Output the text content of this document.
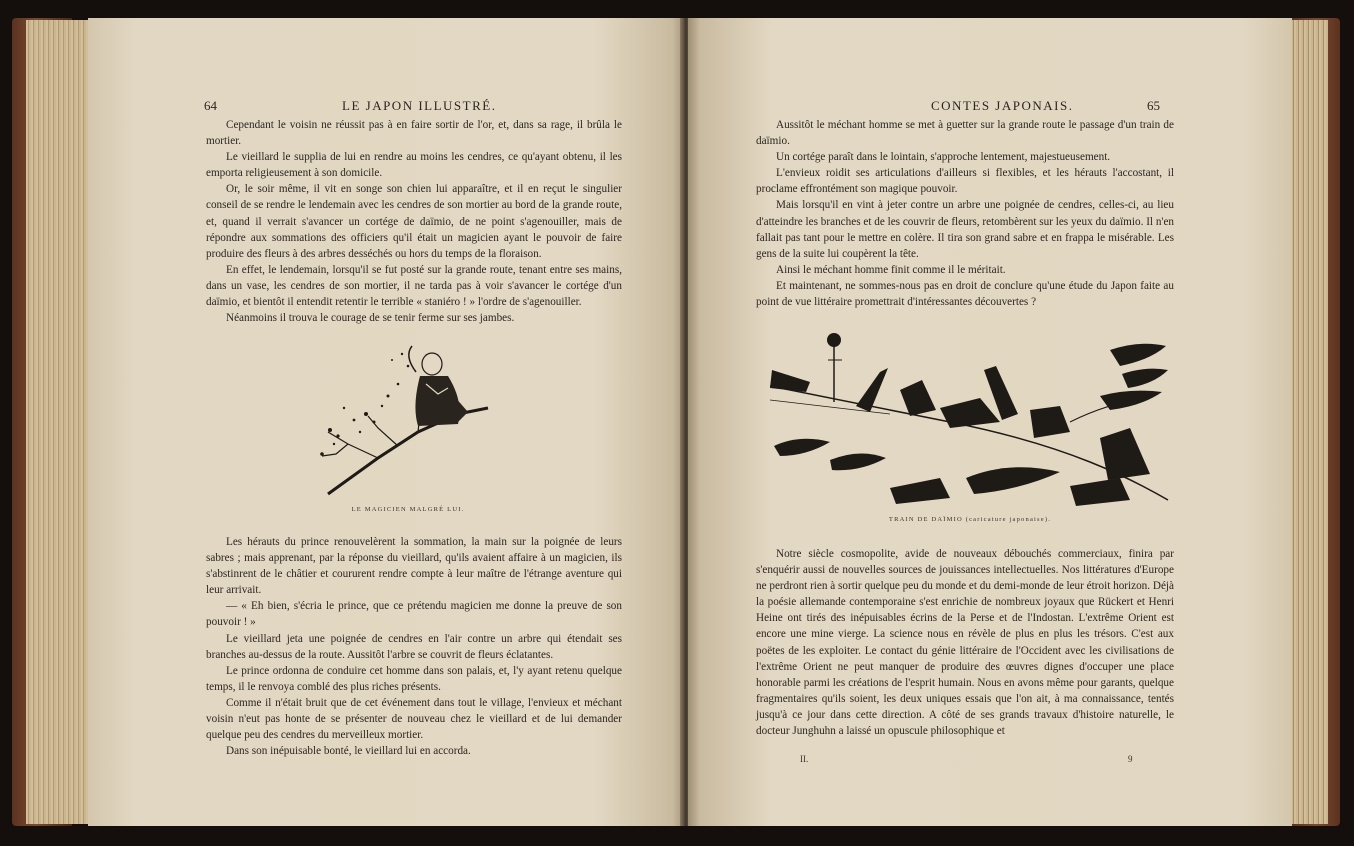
64	LE JAPON ILLUSTRÉ.

Cependant le voisin ne réussit pas à en faire sortir de l'or, et, dans sa rage, il brûla le mortier.

Le vieillard le supplia de lui en rendre au moins les cendres, ce qu'ayant obtenu, il les emporta religieusement à son domicile.

Or, le soir même, il vit en songe son chien lui apparaître, et il en reçut le singulier conseil de se rendre le lendemain avec les cendres de son mortier au bord de la grande route, et, quand il verrait s'avancer un cortége de daïmio, de ne point s'agenouiller, mais de répondre aux sommations des officiers qu'il était un magicien ayant le pouvoir de faire produire des fleurs à des arbres desséchés ou hors du temps de la floraison.

En effet, le lendemain, lorsqu'il se fut posté sur la grande route, tenant entre ses mains, dans un vase, les cendres de son mortier, il ne tarda pas à voir s'avancer le cortége d'un daïmio, et bientôt il entendit retentir le terrible « staniéro ! » l'ordre de s'agenouiller.

Néanmoins il trouva le courage de se tenir ferme sur ses jambes.

LE MAGICIEN MALGRÉ LUI.

Les hérauts du prince renouvelèrent la sommation, la main sur la poignée de leurs sabres ; mais apprenant, par la réponse du vieillard, qu'ils avaient affaire à un magicien, ils s'abstinrent de le châtier et coururent rendre compte à leur maître de l'étrange aventure qui leur arrivait.

— « Eh bien, s'écria le prince, que ce prétendu magicien me donne la preuve de son pouvoir ! »

Le vieillard jeta une poignée de cendres en l'air contre un arbre qui étendait ses branches au-dessus de la route. Aussitôt l'arbre se couvrit de fleurs éclatantes.

Le prince ordonna de conduire cet homme dans son palais, et, l'y ayant retenu quelque temps, il le renvoya comblé des plus riches présents.

Comme il n'était bruit que de cet événement dans tout le village, l'envieux et méchant voisin n'eut pas honte de se présenter de nouveau chez le vieillard et de lui demander quelque peu des cendres du merveilleux mortier.

Dans son inépuisable bonté, le vieillard lui en accorda.

CONTES JAPONAIS.	65

Aussitôt le méchant homme se met à guetter sur la grande route le passage d'un train de daïmio.

Un cortége paraît dans le lointain, s'approche lentement, majestueusement.

L'envieux roidit ses articulations d'ailleurs si flexibles, et les hérauts l'accostant, il proclame effrontément son magique pouvoir.

Mais lorsqu'il en vint à jeter contre un arbre une poignée de cendres, celles-ci, au lieu d'atteindre les branches et de les couvrir de fleurs, retombèrent sur les yeux du daïmio. Il n'en fallait pas tant pour le mettre en colère. Il tira son grand sabre et en frappa le misérable. Les gens de la suite lui coupèrent la tête.

Ainsi le méchant homme finit comme il le méritait.

Et maintenant, ne sommes-nous pas en droit de conclure qu'une étude du Japon faite au point de vue littéraire promettrait d'intéressantes découvertes ?

TRAIN DE DAÏMIO (caricature japonaise).

Notre siècle cosmopolite, avide de nouveaux débouchés commerciaux, finira par s'enquérir aussi de nouvelles sources de jouissances intellectuelles. Nos littératures d'Europe ne perdront rien à sortir quelque peu du monde et du demi-monde de leur étroit horizon. Déjà la poésie allemande contemporaine s'est enrichie de nombreux joyaux que Rückert et Henri Heine ont tirés des inépuisables écrins de la Perse et de l'Indostan. L'extrême Orient est encore une mine vierge. La science nous en révèle de plus en plus les trésors. C'est aux poëtes de les exploiter. Le contact du génie littéraire de l'Occident avec les civilisations de l'extrême Orient ne peut manquer de produire des œuvres dignes d'occuper une place honorable parmi les créations de l'esprit humain. Nous en avons même pour garants, quelque fragmentaires qu'ils soient, les deux uniques essais que l'on ait, à ma connaissance, tentés jusqu'à ce jour dans cette direction. A côté de ses grands travaux d'histoire naturelle, le docteur Junghuhn a laissé un opuscule philosophique et

II.	9
